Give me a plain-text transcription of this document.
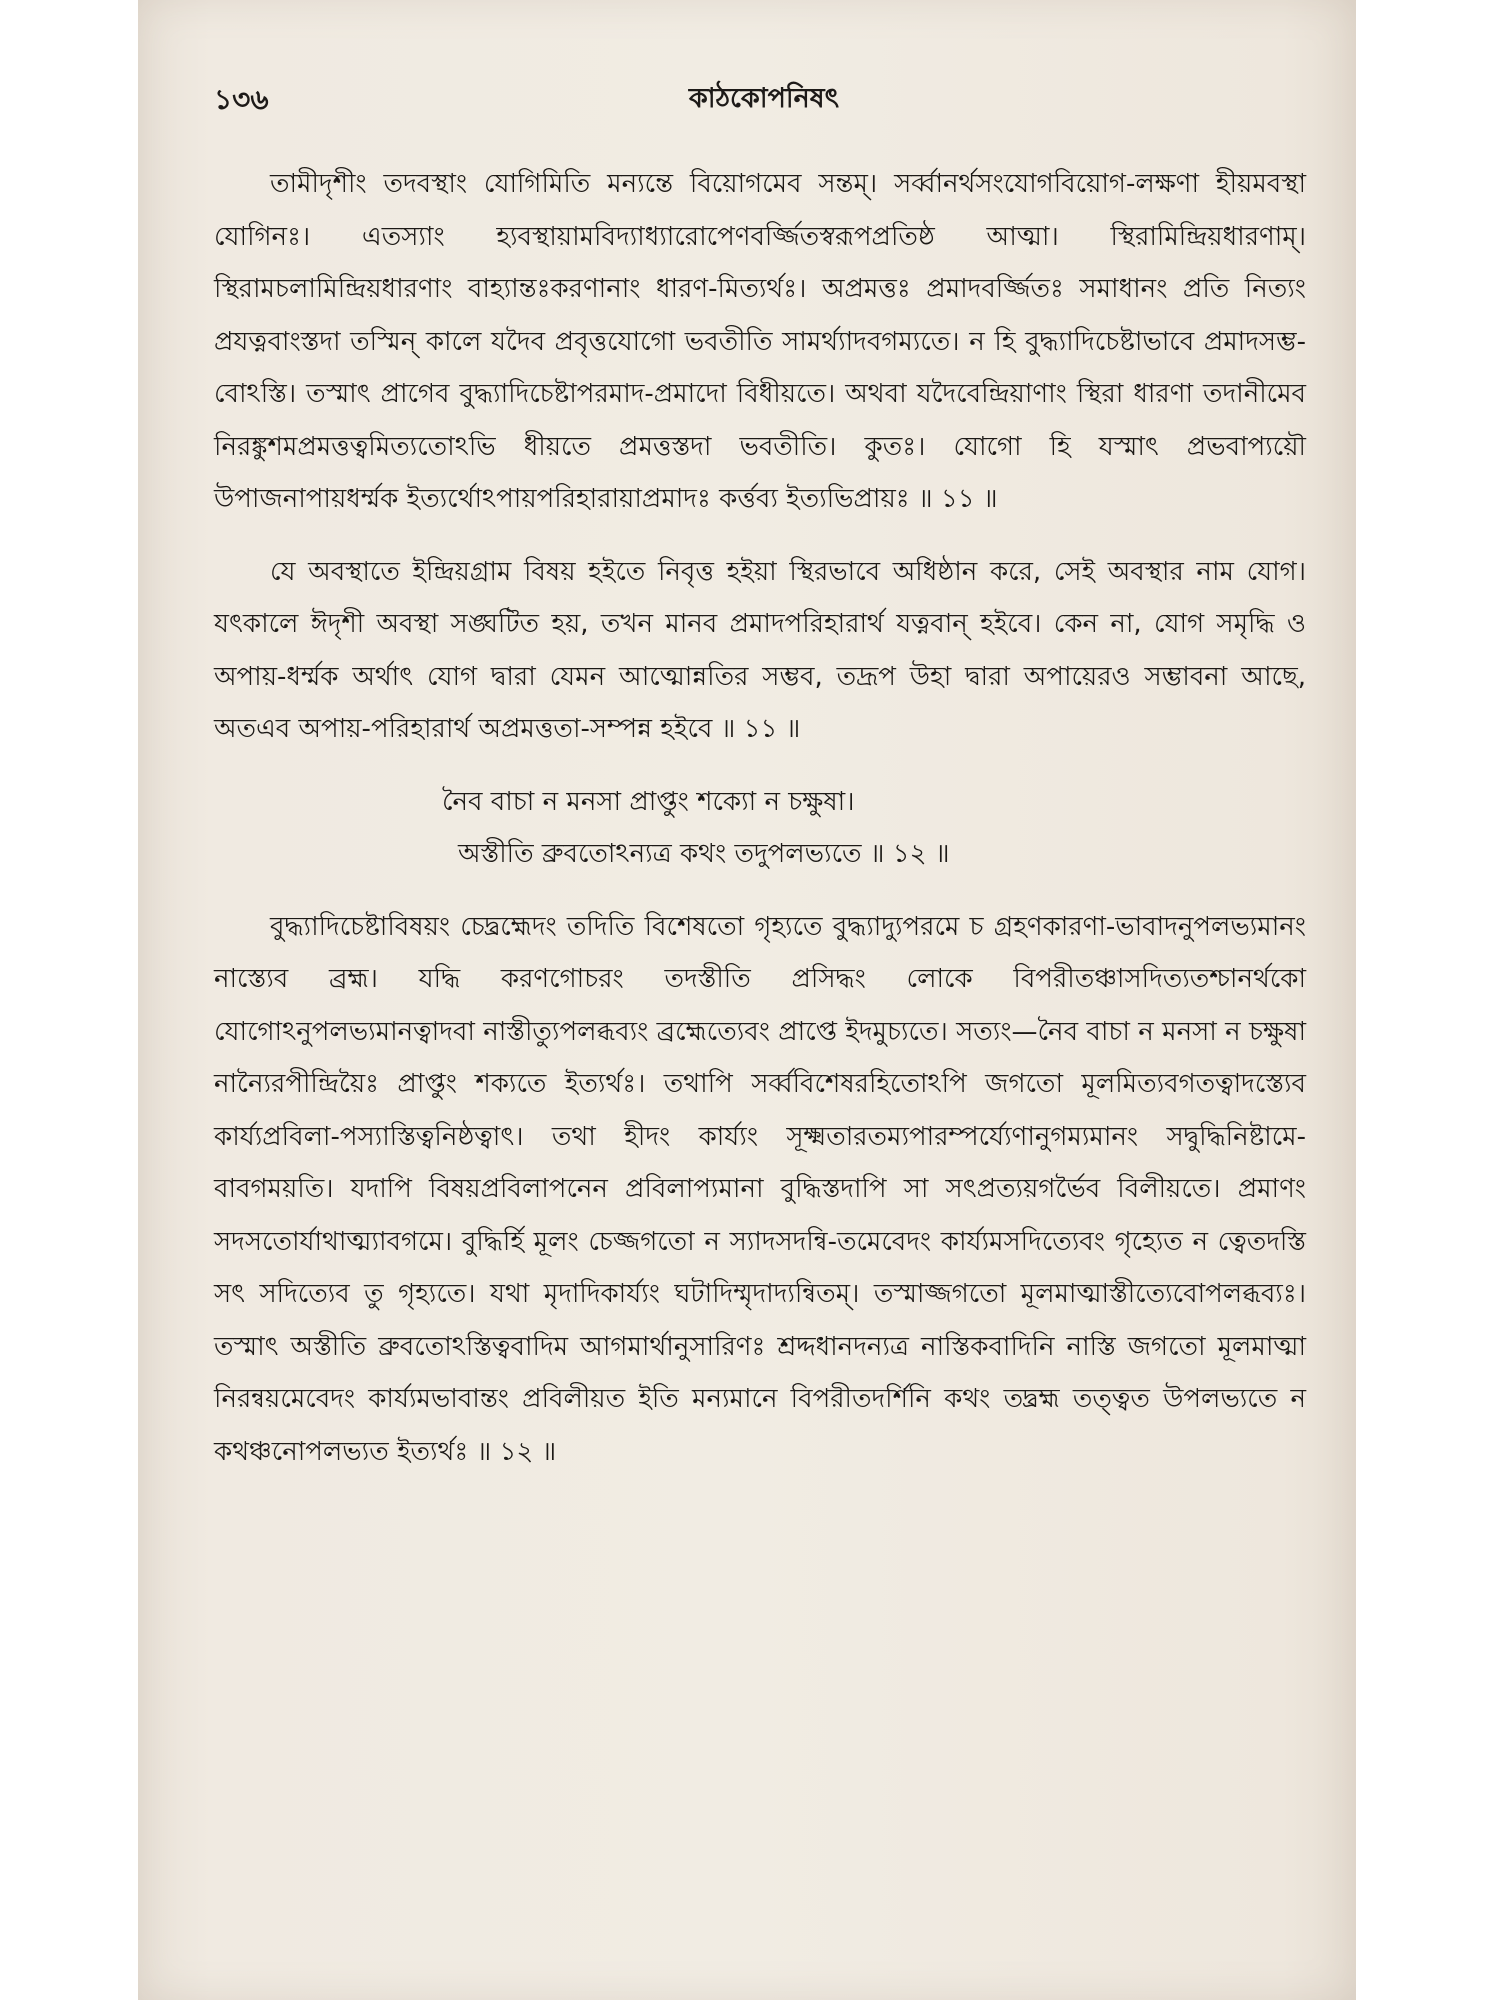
১৩৬	কাঠকোপনিষৎ

তামীদৃশীং তদবস্থাং যোগিমিতি মন্যন্তে বিয়োগমেব সন্তম্। সর্ব্বানর্থসংযোগবিয়োগ-লক্ষণা হীয়মবস্থা যোগিনঃ। এতস্যাং হ্যবস্থায়ামবিদ্যাধ্যারোপেণবর্জ্জিতস্বরূপপ্রতিষ্ঠ আত্মা। স্থিরামিন্দ্রিয়ধারণাম্। স্থিরামচলামিন্দ্রিয়ধারণাং বাহ্যান্তঃকরণানাং ধারণ-মিত্যর্থঃ। অপ্রমত্তঃ প্রমাদবর্জ্জিতঃ সমাধানং প্রতি নিত্যং প্রযত্নবাংস্তদা তস্মিন্ কালে যদৈব প্রবৃত্তযোগো ভবতীতি সামর্থ্যাদবগম্যতে। ন হি বুদ্ধ্যাদিচেষ্টাভাবে প্রমাদসম্ভ-বোঽস্তি। তস্মাৎ প্রাগেব বুদ্ধ্যাদিচেষ্টাপরমাদ-প্রমাদো বিধীয়তে। অথবা যদৈবেন্দ্রিয়াণাং স্থিরা ধারণা তদানীমেব নিরঙ্কুশমপ্রমত্তত্বমিত্যতোঽভি ধীয়তে প্রমত্তস্তদা ভবতীতি। কুতঃ। যোগো হি যস্মাৎ প্রভবাপ্যয়ৌ উপাজনাপায়ধর্ম্মক ইত্যর্থোঽপায়পরিহারায়াপ্রমাদঃ কর্ত্তব্য ইত্যভিপ্রায়ঃ ॥ ১১ ॥

যে অবস্থাতে ইন্দ্রিয়গ্রাম বিষয় হইতে নিবৃত্ত হইয়া স্থিরভাবে অধিষ্ঠান করে, সেই অবস্থার নাম যোগ। যৎকালে ঈদৃশী অবস্থা সঙ্ঘটিত হয়, তখন মানব প্রমাদপরিহারার্থ যত্নবান্ হইবে। কেন না, যোগ সমৃদ্ধি ও অপায়-ধর্ম্মক অর্থাৎ যোগ দ্বারা যেমন আত্মোন্নতির সম্ভব, তদ্রূপ উহা দ্বারা অপায়েরও সম্ভাবনা আছে, অতএব অপায়-পরিহারার্থ অপ্রমত্ততা-সম্পন্ন হইবে ॥ ১১ ॥

নৈব বাচা ন মনসা প্রাপ্তুং শক্যো ন চক্ষুষা।
অস্তীতি ব্রুবতোঽন্যত্র কথং তদুপলভ্যতে ॥ ১২ ॥

বুদ্ধ্যাদিচেষ্টাবিষয়ং চেদ্ব্রহ্মেদং তদিতি বিশেষতো গৃহ্যতে বুদ্ধ্যাদ্যুপরমে চ গ্রহণকারণা-ভাবাদনুপলভ্যমানং নাস্ত্যেব ব্রহ্ম। যদ্ধি করণগোচরং তদস্তীতি প্রসিদ্ধং লোকে বিপরীতঞ্চাসদিত্যতশ্চানর্থকো যোগোঽনুপলভ্যমানত্বাদবা নাস্তীত্যুপলব্ধব্যং ব্রহ্মেত্যেবং প্রাপ্তে ইদমুচ্যতে। সত্যং—নৈব বাচা ন মনসা ন চক্ষুষা নান্যৈরপীন্দ্রিয়ৈঃ প্রাপ্তুং শক্যতে ইত্যর্থঃ। তথাপি সর্ব্ববিশেষরহিতোঽপি জগতো মূলমিত্যবগতত্বাদস্ত্যেব কার্য্যপ্রবিলা-পস্যাস্তিত্বনিষ্ঠত্বাৎ। তথা হীদং কার্য্যং সূক্ষ্মতারতম্যপারম্পর্য্যেণানুগম্যমানং সদ্বুদ্ধিনিষ্টামে-বাবগময়তি। যদাপি বিষয়প্রবিলাপনেন প্রবিলাপ্যমানা বুদ্ধিস্তদাপি সা সৎপ্রত্যয়গর্ভৈব বিলীয়তে। প্রমাণং সদসতোর্যাথাত্ম্যাবগমে। বুদ্ধির্হি মূলং চেজ্জগতো ন স্যাদসদন্বি-তমেবেদং কার্য্যমসদিত্যেবং গৃহ্যেত ন ত্বেতদস্তি সৎ সদিত্যেব তু গৃহ্যতে। যথা মৃদাদিকার্য্যং ঘটাদিম্মৃদাদ্যন্বিতম্। তস্মাজ্জগতো মূলমাত্মাস্তীত্যেবোপলব্ধব্যঃ। তস্মাৎ অস্তীতি ব্রুবতোঽস্তিত্ববাদিম আগমার্থানুসারিণঃ শ্রদ্দধানদন্যত্র নাস্তিকবাদিনি নাস্তি জগতো মূলমাত্মা নিরন্বয়মেবেদং কার্য্যমভাবান্তং প্রবিলীয়ত ইতি মন্যমানে বিপরীতদর্শিনি কথং তদ্ব্রহ্ম তত্ত্বত উপলভ্যতে ন কথঞ্চনোপলভ্যত ইত্যর্থঃ ॥ ১২ ॥
